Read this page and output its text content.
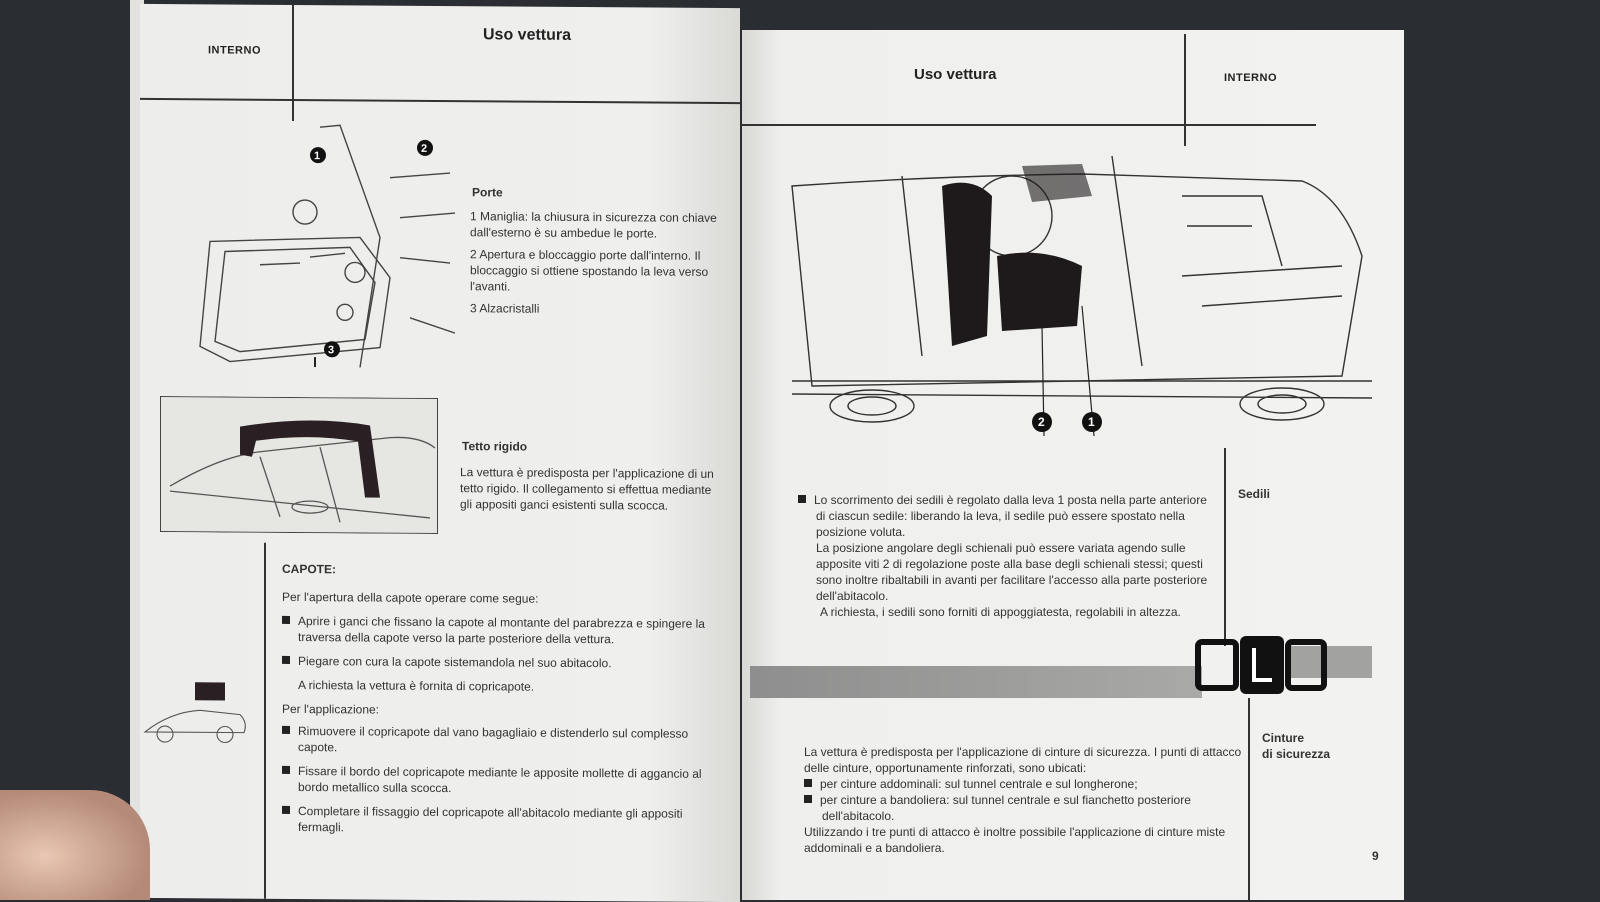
INTERNO
Uso vettura
1
2
3
Porte

1 Maniglia: la chiusura in sicurezza con chiave dall'esterno è su ambedue le porte.

2 Apertura e bloccaggio porte dall'interno. Il bloccaggio si ottiene spostando la leva verso l'avanti.

3 Alzacristalli

Tetto rigido
La vettura è predisposta per l'applicazione di un tetto rigido. Il collegamento si effettua mediante gli appositi ganci esistenti sulla scocca.

CAPOTE:

Per l'apertura della capote operare come segue:

Aprire i ganci che fissano la capote al montante del parabrezza e spingere la traversa della capote verso la parte posteriore della vettura.

Piegare con cura la capote sistemandola nel suo abitacolo.

A richiesta la vettura è fornita di copricapote.

Per l'applicazione:

Rimuovere il copricapote dal vano bagagliaio e distenderlo sul complesso capote.

Fissare il bordo del copricapote mediante le apposite mollette di aggancio al bordo metallico sulla scocca.

Completare il fissaggio del copricapote all'abitacolo mediante gli appositi fermagli.

Uso vettura	INTERNO
2	1
Sedili

Lo scorrimento dei sedili è regolato dalla leva 1 posta nella parte anteriore di ciascun sedile: liberando la leva, il sedile può essere spostato nella posizione voluta.

La posizione angolare degli schienali può essere variata agendo sulle apposite viti 2 di regolazione poste alla base degli schienali stessi; questi sono inoltre ribaltabili in avanti per facilitare l'accesso alla parte posteriore dell'abitacolo.

A richiesta, i sedili sono forniti di appoggiatesta, regolabili in altezza.

Cinture

di sicurezza

La vettura è predisposta per l'applicazione di cinture di sicurezza. I punti di attacco delle cinture, opportunamente rinforzati, sono ubicati:

per cinture addominali: sul tunnel centrale e sul longherone;

per cinture a bandoliera: sul tunnel centrale e sul fianchetto posteriore dell'abitacolo.

Utilizzando i tre punti di attacco è inoltre possibile l'applicazione di cinture miste addominali e a bandoliera.

9
